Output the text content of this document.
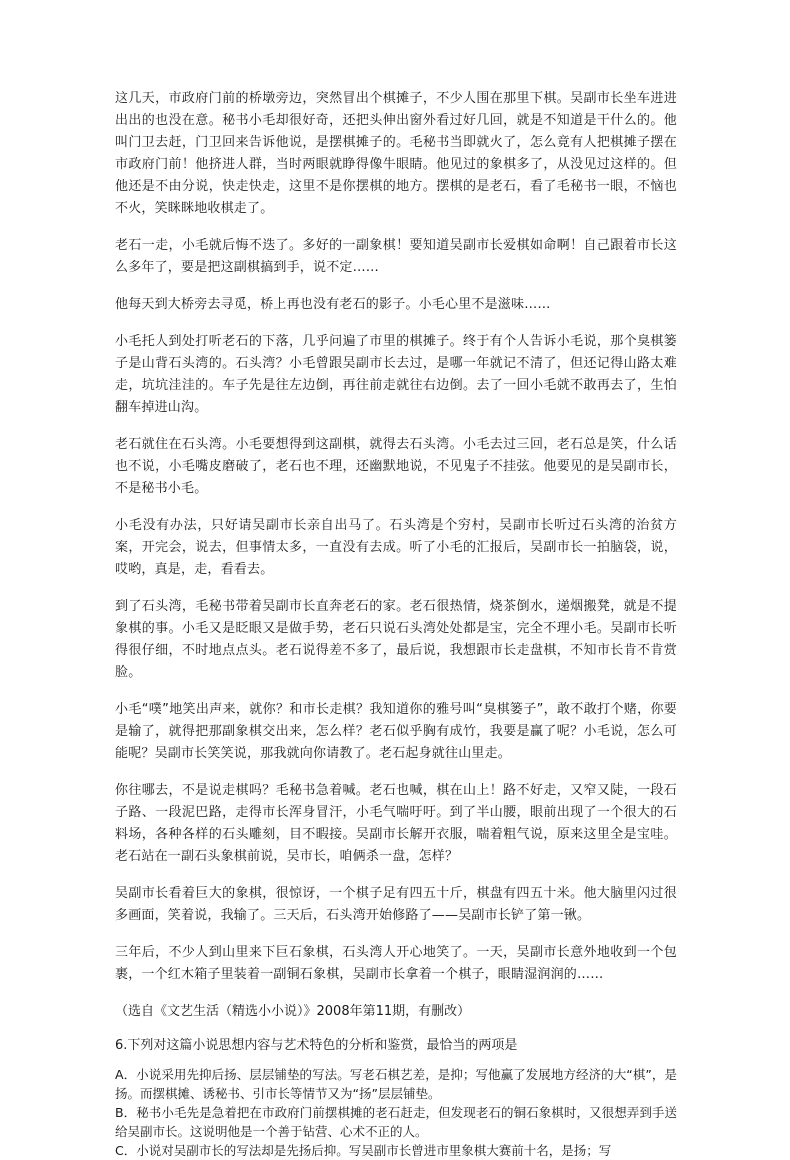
这几天，市政府门前的桥墩旁边，突然冒出个棋摊子，不少人围在那里下棋。吴副市长坐车进进出出的也没在意。秘书小毛却很好奇，还把头伸出窗外看过好几回，就是不知道是干什么的。他叫门卫去赶，门卫回来告诉他说，是摆棋摊子的。毛秘书当即就火了，怎么竟有人把棋摊子摆在市政府门前！他挤进人群，当时两眼就睁得像牛眼睛。他见过的象棋多了，从没见过这样的。但他还是不由分说，快走快走，这里不是你摆棋的地方。摆棋的是老石，看了毛秘书一眼，不恼也不火，笑眯眯地收棋走了。

老石一走，小毛就后悔不迭了。多好的一副象棋！要知道吴副市长爱棋如命啊！自己跟着市长这么多年了，要是把这副棋搞到手，说不定……

他每天到大桥旁去寻觅，桥上再也没有老石的影子。小毛心里不是滋味……

小毛托人到处打听老石的下落，几乎问遍了市里的棋摊子。终于有个人告诉小毛说，那个臭棋篓子是山背石头湾的。石头湾？小毛曾跟吴副市长去过，是哪一年就记不清了，但还记得山路太难走，坑坑洼洼的。车子先是往左边倒，再往前走就往右边倒。去了一回小毛就不敢再去了，生怕翻车掉进山沟。

老石就住在石头湾。小毛要想得到这副棋，就得去石头湾。小毛去过三回，老石总是笑，什么话也不说，小毛嘴皮磨破了，老石也不理，还幽默地说，不见鬼子不挂弦。他要见的是吴副市长，不是秘书小毛。

小毛没有办法，只好请吴副市长亲自出马了。石头湾是个穷村，吴副市长听过石头湾的治贫方案，开完会，说去，但事情太多，一直没有去成。听了小毛的汇报后，吴副市长一拍脑袋，说，哎哟，真是，走，看看去。

到了石头湾，毛秘书带着吴副市长直奔老石的家。老石很热情，烧茶倒水，递烟搬凳，就是不提象棋的事。小毛又是眨眼又是做手势，老石只说石头湾处处都是宝，完全不理小毛。吴副市长听得很仔细，不时地点点头。老石说得差不多了，最后说，我想跟市长走盘棋，不知市长肯不肯赏脸。

小毛“噗”地笑出声来，就你？和市长走棋？我知道你的雅号叫“臭棋篓子”，敢不敢打个赌，你要是输了，就得把那副象棋交出来，怎么样？老石似乎胸有成竹，我要是赢了呢？小毛说，怎么可能呢？吴副市长笑笑说，那我就向你请教了。老石起身就往山里走。

你往哪去，不是说走棋吗？毛秘书急着喊。老石也喊，棋在山上！路不好走，又窄又陡，一段石子路、一段泥巴路，走得市长浑身冒汗，小毛气喘吁吁。到了半山腰，眼前出现了一个很大的石料场，各种各样的石头雕刻，目不暇接。吴副市长解开衣服，喘着粗气说，原来这里全是宝哇。老石站在一副石头象棋前说，吴市长，咱俩杀一盘，怎样？

吴副市长看着巨大的象棋，很惊讶，一个棋子足有四五十斤，棋盘有四五十米。他大脑里闪过很多画面，笑着说，我输了。三天后，石头湾开始修路了——吴副市长铲了第一锹。

三年后，不少人到山里来下巨石象棋，石头湾人开心地笑了。一天，吴副市长意外地收到一个包裹，一个红木箱子里装着一副铜石象棋，吴副市长拿着一个棋子，眼睛湿润润的……

（选自《文艺生活（精选小小说）》2008年第11期，有删改）

6.下列对这篇小说思想内容与艺术特色的分析和鉴赏，最恰当的两项是

A．小说采用先抑后扬、层层铺垫的写法。写老石棋艺差，是抑；写他赢了发展地方经济的大“棋”，是扬。而摆棋摊、诱秘书、引市长等情节又为“扬”层层铺垫。

B．秘书小毛先是急着把在市政府门前摆棋摊的老石赶走，但发现老石的铜石象棋时，又很想弄到手送给吴副市长。这说明他是一个善于钻营、心术不正的人。

C．小说对吴副市长的写法却是先扬后抑。写吴副市长曾进市里象棋大赛前十名，是扬；写
